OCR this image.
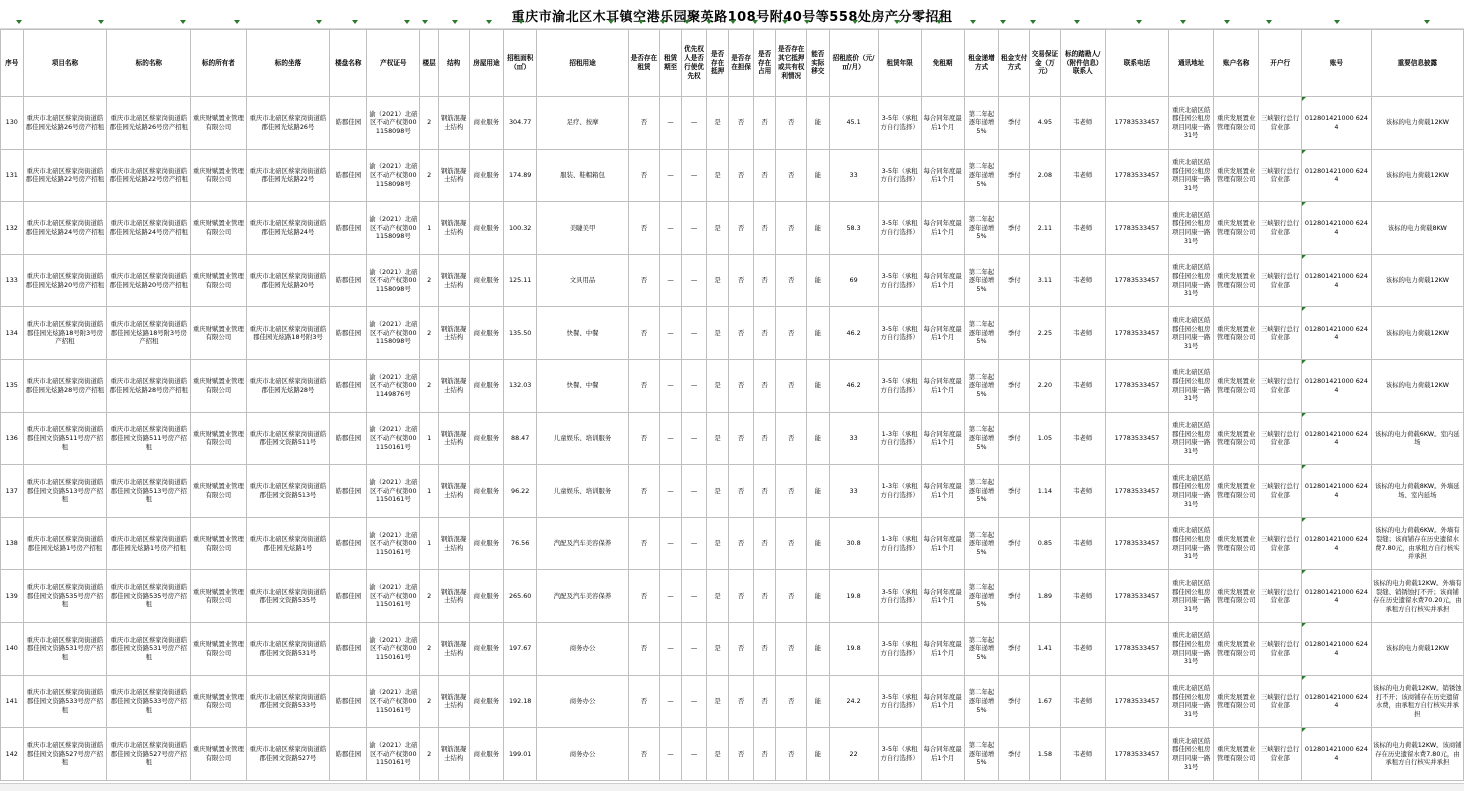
重庆市渝北区木耳镇空港乐园聚英路108号附40号等558处房产分零招租
序号	项目名称	标的名称	标的所有者	标的坐落	楼盘名称	产权证号	楼层	结构	房屋用途	招租面积（㎡）	招租用途	是否存在租赁	租赁期至	优先权人是否行使优先权	是否存在抵押	是否存在担保	是否存在占用	是否存在其它抵押或共有权利情况	能否实际移交	招租底价（元/㎡/月）	租赁年限	免租期	租金递增方式	租金支付方式	交易保证金（万元）	标的踏勘人/（附件信息）联系人	联系电话	通讯地址	账户名称	开户行	账号	重要信息披露
130	重庆市北碚区蔡家岗街道皓郡佳园光炫路26号房产招租	重庆市北碚区蔡家岗街道皓郡佳园光炫路26号房产招租	重庆财赋置业管理有限公司	重庆市北碚区蔡家岗街道皓郡佳园光炫路26号	皓郡佳园	渝（2021）北碚区不动产权第001158098号	2	钢筋混凝土结构	商业服务	304.77	足疗、按摩	否	—	—	是	否	否	否	能	45.1	3-5年（承租方自行选择）	每合同年度最后1个月	第二年起逐年递增5%	季付	4.95	韦老师	17783533457	重庆北碚区皓郡佳园公租房项目同康一路31号	重庆发展置业管理有限公司	三峡银行总行营业部	012801421000 6244	该标的电力荷载12KW
131	重庆市北碚区蔡家岗街道皓郡佳园光炫路22号房产招租	重庆市北碚区蔡家岗街道皓郡佳园光炫路22号房产招租	重庆财赋置业管理有限公司	重庆市北碚区蔡家岗街道皓郡佳园光炫路22号	皓郡佳园	渝（2021）北碚区不动产权第001158098号	2	钢筋混凝土结构	商业服务	174.89	服装、鞋帽箱包	否	—	—	是	否	否	否	能	33	3-5年（承租方自行选择）	每合同年度最后1个月	第二年起逐年递增5%	季付	2.08	韦老师	17783533457	重庆北碚区皓郡佳园公租房项目同康一路31号	重庆发展置业管理有限公司	三峡银行总行营业部	012801421000 6244	该标的电力荷载12KW
132	重庆市北碚区蔡家岗街道皓郡佳园光炫路24号房产招租	重庆市北碚区蔡家岗街道皓郡佳园光炫路24号房产招租	重庆财赋置业管理有限公司	重庆市北碚区蔡家岗街道皓郡佳园光炫路24号	皓郡佳园	渝（2021）北碚区不动产权第001158098号	1	钢筋混凝土结构	商业服务	100.32	美睫美甲	否	—	—	是	否	否	否	能	58.3	3-5年（承租方自行选择）	每合同年度最后1个月	第二年起逐年递增5%	季付	2.11	韦老师	17783533457	重庆北碚区皓郡佳园公租房项目同康一路31号	重庆发展置业管理有限公司	三峡银行总行营业部	012801421000 6244	该标的电力荷载8KW
133	重庆市北碚区蔡家岗街道皓郡佳园光炫路20号房产招租	重庆市北碚区蔡家岗街道皓郡佳园光炫路20号房产招租	重庆财赋置业管理有限公司	重庆市北碚区蔡家岗街道皓郡佳园光炫路20号	皓郡佳园	渝（2021）北碚区不动产权第001158098号	2	钢筋混凝土结构	商业服务	125.11	文具用品	否	—	—	是	否	否	否	能	69	3-5年（承租方自行选择）	每合同年度最后1个月	第二年起逐年递增5%	季付	3.11	韦老师	17783533457	重庆北碚区皓郡佳园公租房项目同康一路31号	重庆发展置业管理有限公司	三峡银行总行营业部	012801421000 6244	该标的电力荷载12KW
134	重庆市北碚区蔡家岗街道皓郡佳园光炫路18号附3号房产招租	重庆市北碚区蔡家岗街道皓郡佳园光炫路18号附3号房产招租	重庆财赋置业管理有限公司	重庆市北碚区蔡家岗街道皓郡佳园光炫路18号附3号	皓郡佳园	渝（2021）北碚区不动产权第001158098号	2	钢筋混凝土结构	商业服务	135.50	快餐、中餐	否	—	—	是	否	否	否	能	46.2	3-5年（承租方自行选择）	每合同年度最后1个月	第二年起逐年递增5%	季付	2.25	韦老师	17783533457	重庆北碚区皓郡佳园公租房项目同康一路31号	重庆发展置业管理有限公司	三峡银行总行营业部	012801421000 6244	该标的电力荷载12KW
135	重庆市北碚区蔡家岗街道皓郡佳园光炫路28号房产招租	重庆市北碚区蔡家岗街道皓郡佳园光炫路28号房产招租	重庆财赋置业管理有限公司	重庆市北碚区蔡家岗街道皓郡佳园光炫路28号	皓郡佳园	渝（2021）北碚区不动产权第001149876号	2	钢筋混凝土结构	商业服务	132.03	快餐、中餐	否	—	—	是	否	否	否	能	46.2	3-5年（承租方自行选择）	每合同年度最后1个月	第二年起逐年递增5%	季付	2.20	韦老师	17783533457	重庆北碚区皓郡佳园公租房项目同康一路31号	重庆发展置业管理有限公司	三峡银行总行营业部	012801421000 6244	该标的电力荷载12KW
136	重庆市北碚区蔡家岗街道皓郡佳园文资路511号房产招租	重庆市北碚区蔡家岗街道皓郡佳园文资路511号房产招租	重庆财赋置业管理有限公司	重庆市北碚区蔡家岗街道皓郡佳园文资路511号	皓郡佳园	渝（2021）北碚区不动产权第001150161号	1	钢筋混凝土结构	商业服务	88.47	儿童娱乐、培训服务	否	—	—	是	否	否	否	能	33	1-3年（承租方自行选择）	每合同年度最后1个月	第二年起逐年递增5%	季付	1.05	韦老师	17783533457	重庆北碚区皓郡佳园公租房项目同康一路31号	重庆发展置业管理有限公司	三峡银行总行营业部	012801421000 6244	该标的电力荷载6KW。室内延场
137	重庆市北碚区蔡家岗街道皓郡佳园文资路513号房产招租	重庆市北碚区蔡家岗街道皓郡佳园文资路513号房产招租	重庆财赋置业管理有限公司	重庆市北碚区蔡家岗街道皓郡佳园文资路513号	皓郡佳园	渝（2021）北碚区不动产权第001150161号	1	钢筋混凝土结构	商业服务	96.22	儿童娱乐、培训服务	否	—	—	是	否	否	否	能	33	1-3年（承租方自行选择）	每合同年度最后1个月	第二年起逐年递增5%	季付	1.14	韦老师	17783533457	重庆北碚区皓郡佳园公租房项目同康一路31号	重庆发展置业管理有限公司	三峡银行总行营业部	012801421000 6244	该标的电力荷载8KW。外墙延场、室内延场
138	重庆市北碚区蔡家岗街道皓郡佳园光炫路1号房产招租	重庆市北碚区蔡家岗街道皓郡佳园光炫路1号房产招租	重庆财赋置业管理有限公司	重庆市北碚区蔡家岗街道皓郡佳园光炫路1号	皓郡佳园	渝（2021）北碚区不动产权第001150161号	1	钢筋混凝土结构	商业服务	76.56	汽配及汽车美容保养	否	—	—	是	否	否	否	能	30.8	1-3年（承租方自行选择）	每合同年度最后1个月	第二年起逐年递增5%	季付	0.85	韦老师	17783533457	重庆北碚区皓郡佳园公租房项目同康一路31号	重庆发展置业管理有限公司	三峡银行总行营业部	012801421000 6244	该标的电力荷载6KW。外墙有裂缝；该商铺存在历史遗留水费7.80元，由承租方自行核实并承担
139	重庆市北碚区蔡家岗街道皓郡佳园文资路535号房产招租	重庆市北碚区蔡家岗街道皓郡佳园文资路535号房产招租	重庆财赋置业管理有限公司	重庆市北碚区蔡家岗街道皓郡佳园文资路535号	皓郡佳园	渝（2021）北碚区不动产权第001150161号	2	钢筋混凝土结构	商业服务	265.60	汽配及汽车美容保养	否	—	—	是	否	否	否	能	19.8	3-5年（承租方自行选择）	每合同年度最后1个月	第二年起逐年递增5%	季付	1.89	韦老师	17783533457	重庆北碚区皓郡佳园公租房项目同康一路31号	重庆发展置业管理有限公司	三峡银行总行营业部	012801421000 6244	该标的电力荷载12KW。外墙有裂缝、销锈蚀打不开；该商铺存在历史遗留水费70.20元，由承租方自行核实并承担
140	重庆市北碚区蔡家岗街道皓郡佳园文资路531号房产招租	重庆市北碚区蔡家岗街道皓郡佳园文资路531号房产招租	重庆财赋置业管理有限公司	重庆市北碚区蔡家岗街道皓郡佳园文资路531号	皓郡佳园	渝（2021）北碚区不动产权第001150161号	2	钢筋混凝土结构	商业服务	197.67	商务办公	否	—	—	是	否	否	否	能	19.8	3-5年（承租方自行选择）	每合同年度最后1个月	第二年起逐年递增5%	季付	1.41	韦老师	17783533457	重庆北碚区皓郡佳园公租房项目同康一路31号	重庆发展置业管理有限公司	三峡银行总行营业部	012801421000 6244	该标的电力荷载12KW
141	重庆市北碚区蔡家岗街道皓郡佳园文资路533号房产招租	重庆市北碚区蔡家岗街道皓郡佳园文资路533号房产招租	重庆财赋置业管理有限公司	重庆市北碚区蔡家岗街道皓郡佳园文资路533号	皓郡佳园	渝（2021）北碚区不动产权第001150161号	2	钢筋混凝土结构	商业服务	192.18	商务办公	否	—	—	是	否	否	否	能	24.2	3-5年（承租方自行选择）	每合同年度最后1个月	第二年起逐年递增5%	季付	1.67	韦老师	17783533457	重庆北碚区皓郡佳园公租房项目同康一路31号	重庆发展置业管理有限公司	三峡银行总行营业部	012801421000 6244	该标的电力荷载12KW。销锈蚀打不开；该商铺存在历史遗留水费，由承租方自行核实并承担
142	重庆市北碚区蔡家岗街道皓郡佳园文资路527号房产招租	重庆市北碚区蔡家岗街道皓郡佳园文资路527号房产招租	重庆财赋置业管理有限公司	重庆市北碚区蔡家岗街道皓郡佳园文资路527号	皓郡佳园	渝（2021）北碚区不动产权第001150161号	2	钢筋混凝土结构	商业服务	199.01	商务办公	否	—	—	是	否	否	否	能	22	3-5年（承租方自行选择）	每合同年度最后1个月	第二年起逐年递增5%	季付	1.58	韦老师	17783533457	重庆北碚区皓郡佳园公租房项目同康一路31号	重庆发展置业管理有限公司	三峡银行总行营业部	012801421000 6244	该标的电力荷载12KW。该商铺存在历史遗留水费7.80元，由承租方自行核实并承担
